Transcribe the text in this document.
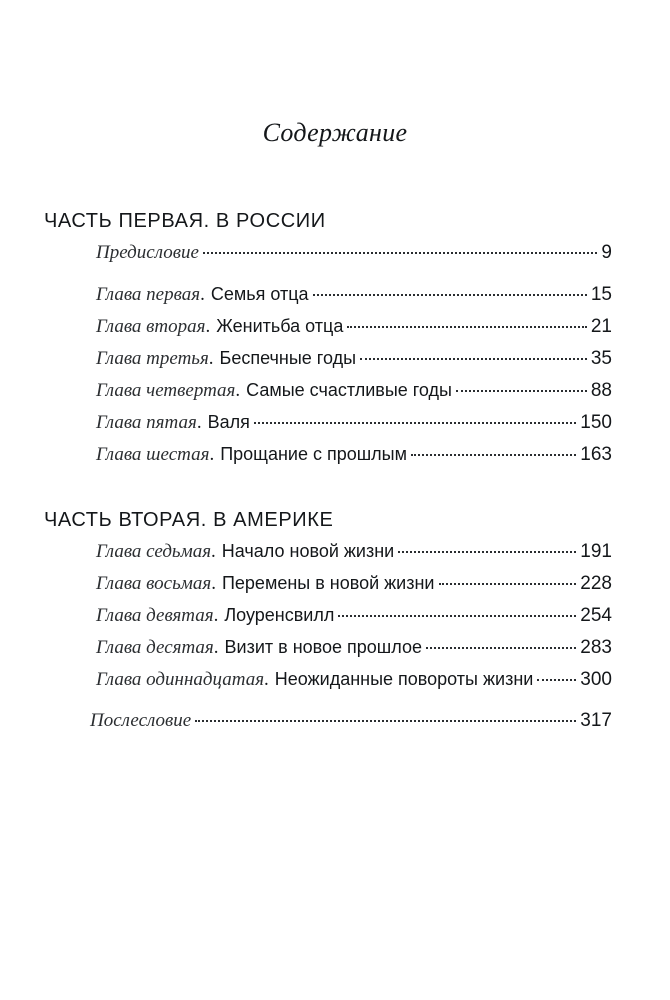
Содержание
ЧАСТЬ ПЕРВАЯ. В РОССИИ
Предисловие	9
Глава первая . Семья отца	15
Глава вторая . Женитьба отца	21
Глава третья . Беспечные годы	35
Глава четвертая . Самые счастливые годы	88
Глава пятая . Валя	150
Глава шестая . Прощание с прошлым	163
ЧАСТЬ ВТОРАЯ. В АМЕРИКЕ
Глава седьмая . Начало новой жизни	191
Глава восьмая . Перемены в новой жизни	228
Глава девятая . Лоуренсвилл	254
Глава десятая . Визит в новое прошлое	283
Глава одиннадцатая . Неожиданные повороты жизни 300
Послесловие	317
